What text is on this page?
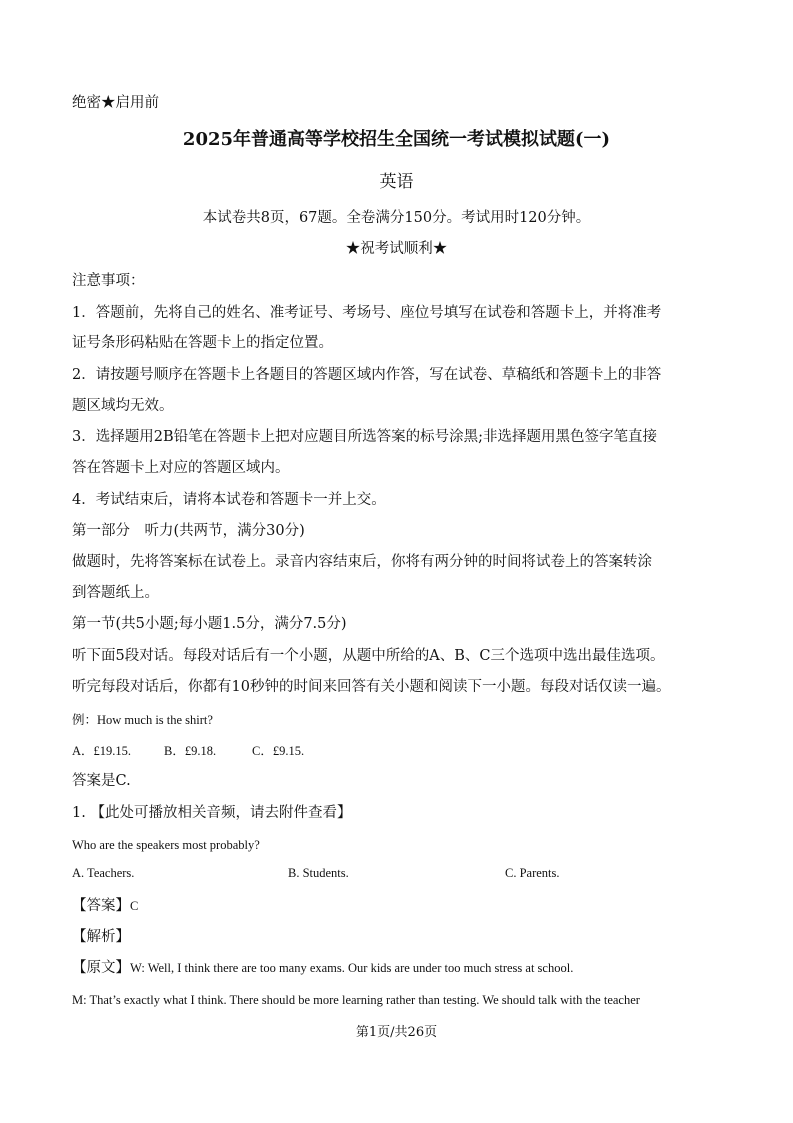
绝密★启用前
2025年普通高等学校招生全国统一考试模拟试题(一)
英语
本试卷共8页，67题。全卷满分150分。考试用时120分钟。
★祝考试顺利★
注意事项：
1．答题前，先将自己的姓名、准考证号、考场号、座位号填写在试卷和答题卡上，并将准考
证号条形码粘贴在答题卡上的指定位置。
2．请按题号顺序在答题卡上各题目的答题区域内作答，写在试卷、草稿纸和答题卡上的非答
题区域均无效。
3．选择题用2B铅笔在答题卡上把对应题目所选答案的标号涂黑;非选择题用黑色签字笔直接
答在答题卡上对应的答题区域内。
4．考试结束后，请将本试卷和答题卡一并上交。
第一部分　听力(共两节，满分30分)
做题时，先将答案标在试卷上。录音内容结束后，你将有两分钟的时间将试卷上的答案转涂
到答题纸上。
第一节(共5小题;每小题1.5分，满分7.5分)
听下面5段对话。每段对话后有一个小题，从题中所给的A、B、C三个选项中选出最佳选项。
听完每段对话后，你都有10秒钟的时间来回答有关小题和阅读下一小题。每段对话仅读一遍。
例：How much is the shirt?
A．£19.15.	B．£9.18.	C．£9.15.
答案是C.
1. 【此处可播放相关音频，请去附件查看】
Who are the speakers most probably?
A. Teachers.	B. Students.	C. Parents.
【答案】C
【解析】
【原文】W: Well, I think there are too many exams. Our kids are under too much stress at school.
M: That’s exactly what I think. There should be more learning rather than testing. We should talk with the teacher
第1页/共26页
